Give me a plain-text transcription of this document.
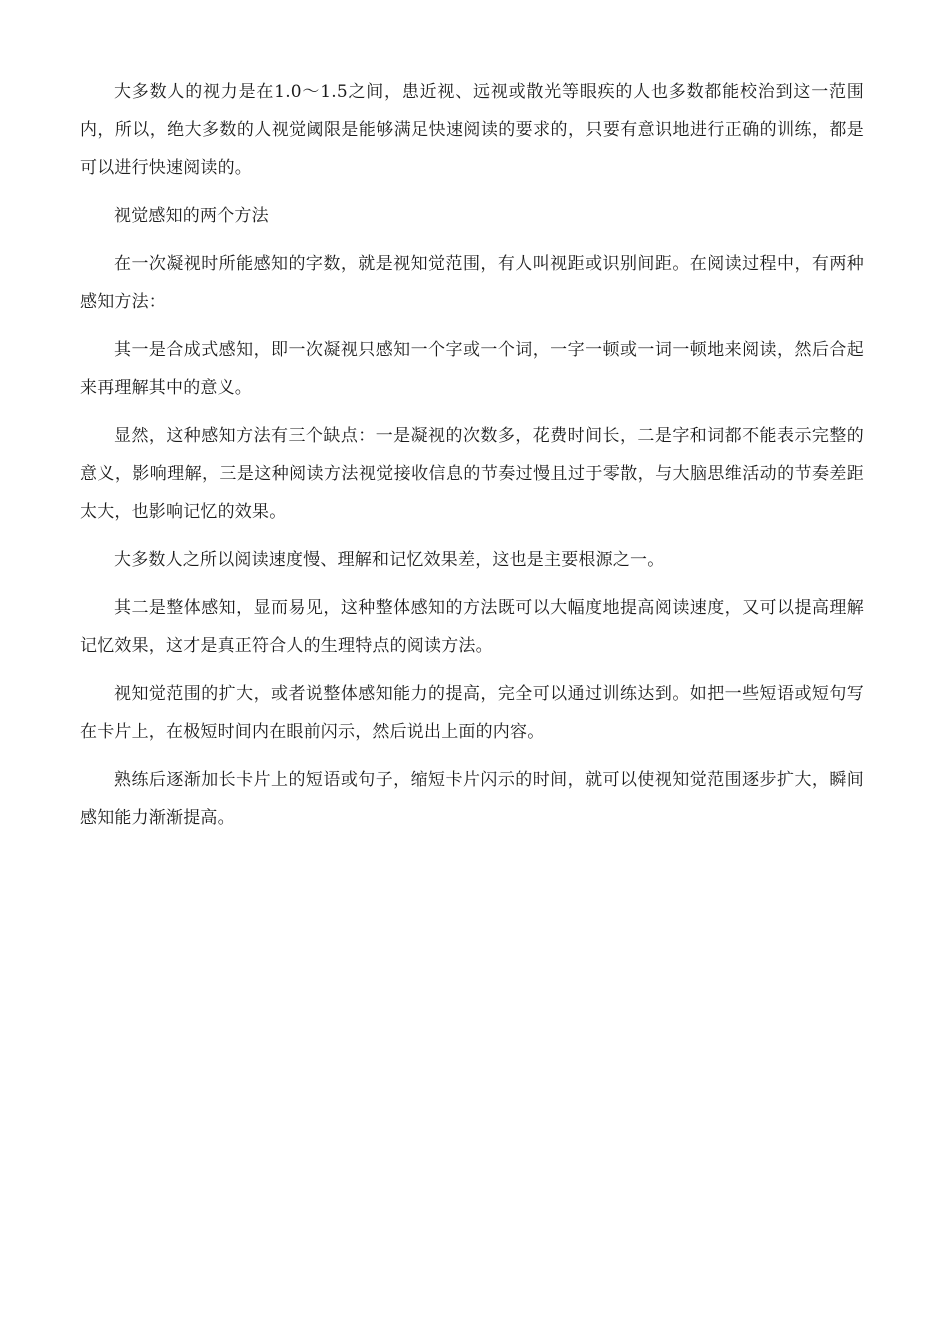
大多数人的视力是在1.0～1.5之间，患近视、远视或散光等眼疾的人也多数都能校治到这一范围内，所以，绝大多数的人视觉阈限是能够满足快速阅读的要求的，只要有意识地进行正确的训练，都是可以进行快速阅读的。

视觉感知的两个方法

在一次凝视时所能感知的字数，就是视知觉范围，有人叫视距或识别间距。在阅读过程中，有两种感知方法：

其一是合成式感知，即一次凝视只感知一个字或一个词，一字一顿或一词一顿地来阅读，然后合起来再理解其中的意义。

显然，这种感知方法有三个缺点：一是凝视的次数多，花费时间长，二是字和词都不能表示完整的意义，影响理解，三是这种阅读方法视觉接收信息的节奏过慢且过于零散，与大脑思维活动的节奏差距太大，也影响记忆的效果。

大多数人之所以阅读速度慢、理解和记忆效果差，这也是主要根源之一。

其二是整体感知，显而易见，这种整体感知的方法既可以大幅度地提高阅读速度，又可以提高理解记忆效果，这才是真正符合人的生理特点的阅读方法。

视知觉范围的扩大，或者说整体感知能力的提高，完全可以通过训练达到。如把一些短语或短句写在卡片上，在极短时间内在眼前闪示，然后说出上面的内容。

熟练后逐渐加长卡片上的短语或句子，缩短卡片闪示的时间，就可以使视知觉范围逐步扩大，瞬间感知能力渐渐提高。
